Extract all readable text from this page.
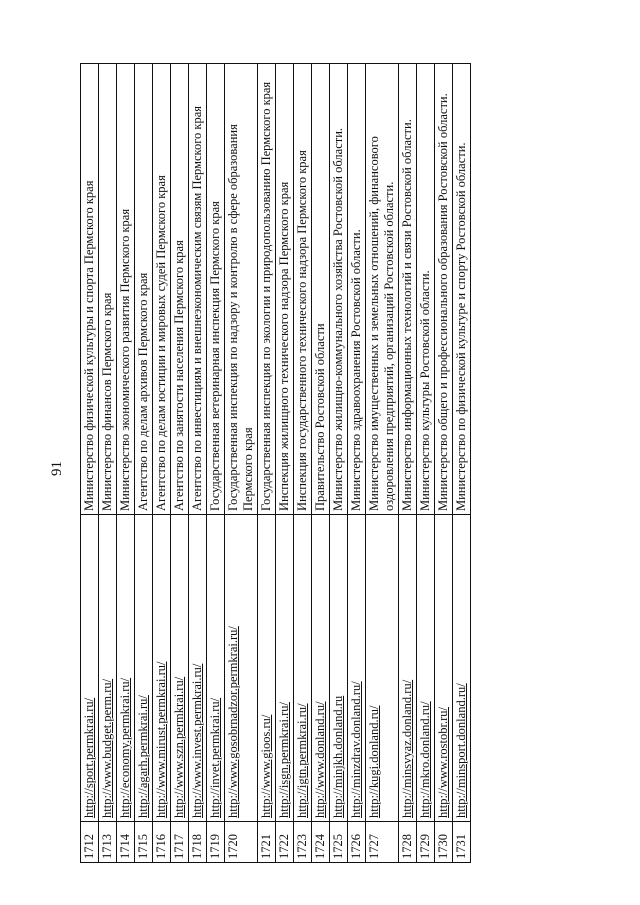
91
1712	http://sport.permkrai.ru/	Министерство физической культуры и спорта Пермского края
1713	http://www.budget.perm.ru/	Министерство финансов Пермского края
1714	http://economy.permkrai.ru/	Министерство экономического развития Пермского края
1715	http://agarh.permkrai.ru/	Агентство по делам архивов Пермского края
1716	http://www.mirust.permkrai.ru/	Агентство по делам юстиции и мировых судей Пермского края
1717	http://www.szn.permkrai.ru/	Агентство по занятости населения Пермского края
1718	http://www.invest.permkrai.ru/	Агентство по инвестициям и внешнеэкономическим связям Пермского края
1719	http://invet.permkrai.ru/	Государственная ветеринарная инспекция Пермского края
1720	http://www.gosobrnadzor.permkrai.ru/	Государственная инспекция по надзору и контролю в сфере образования Пермского края
1721	http://www.gioos.ru/	Государственная инспекция по экологии и природопользованию Пермского края
1722	http://isgn.permkrai.ru/	Инспекция жилищного технического надзора Пермского края
1723	http://igtn.permkrai.ru/	Инспекция государственного технического надзора Пермского края
1724	http://www.donland.ru/	Правительство Ростовской области
1725	http://minjkh.donland.ru	Министерство жилищно-коммунального хозяйства Ростовской области.
1726	http://minzdrav.donland.ru/	Министерство здравоохранения Ростовской области.
1727	http://kugi.donland.ru/	Министерство имущественных и земельных отношений, финансового оздоровления предприятий, организаций Ростовской области.
1728	http://minsvyaz.donland.ru/	Министерство информационных технологий и связи Ростовской области.
1729	http://mkro.donland.ru/	Министерство культуры Ростовской области.
1730	http://www.rostobr.ru/	Министерство общего и профессионального образования Ростовской области.
1731	http://minsport.donland.ru/	Министерство по физической культуре и спорту Ростовской области.
